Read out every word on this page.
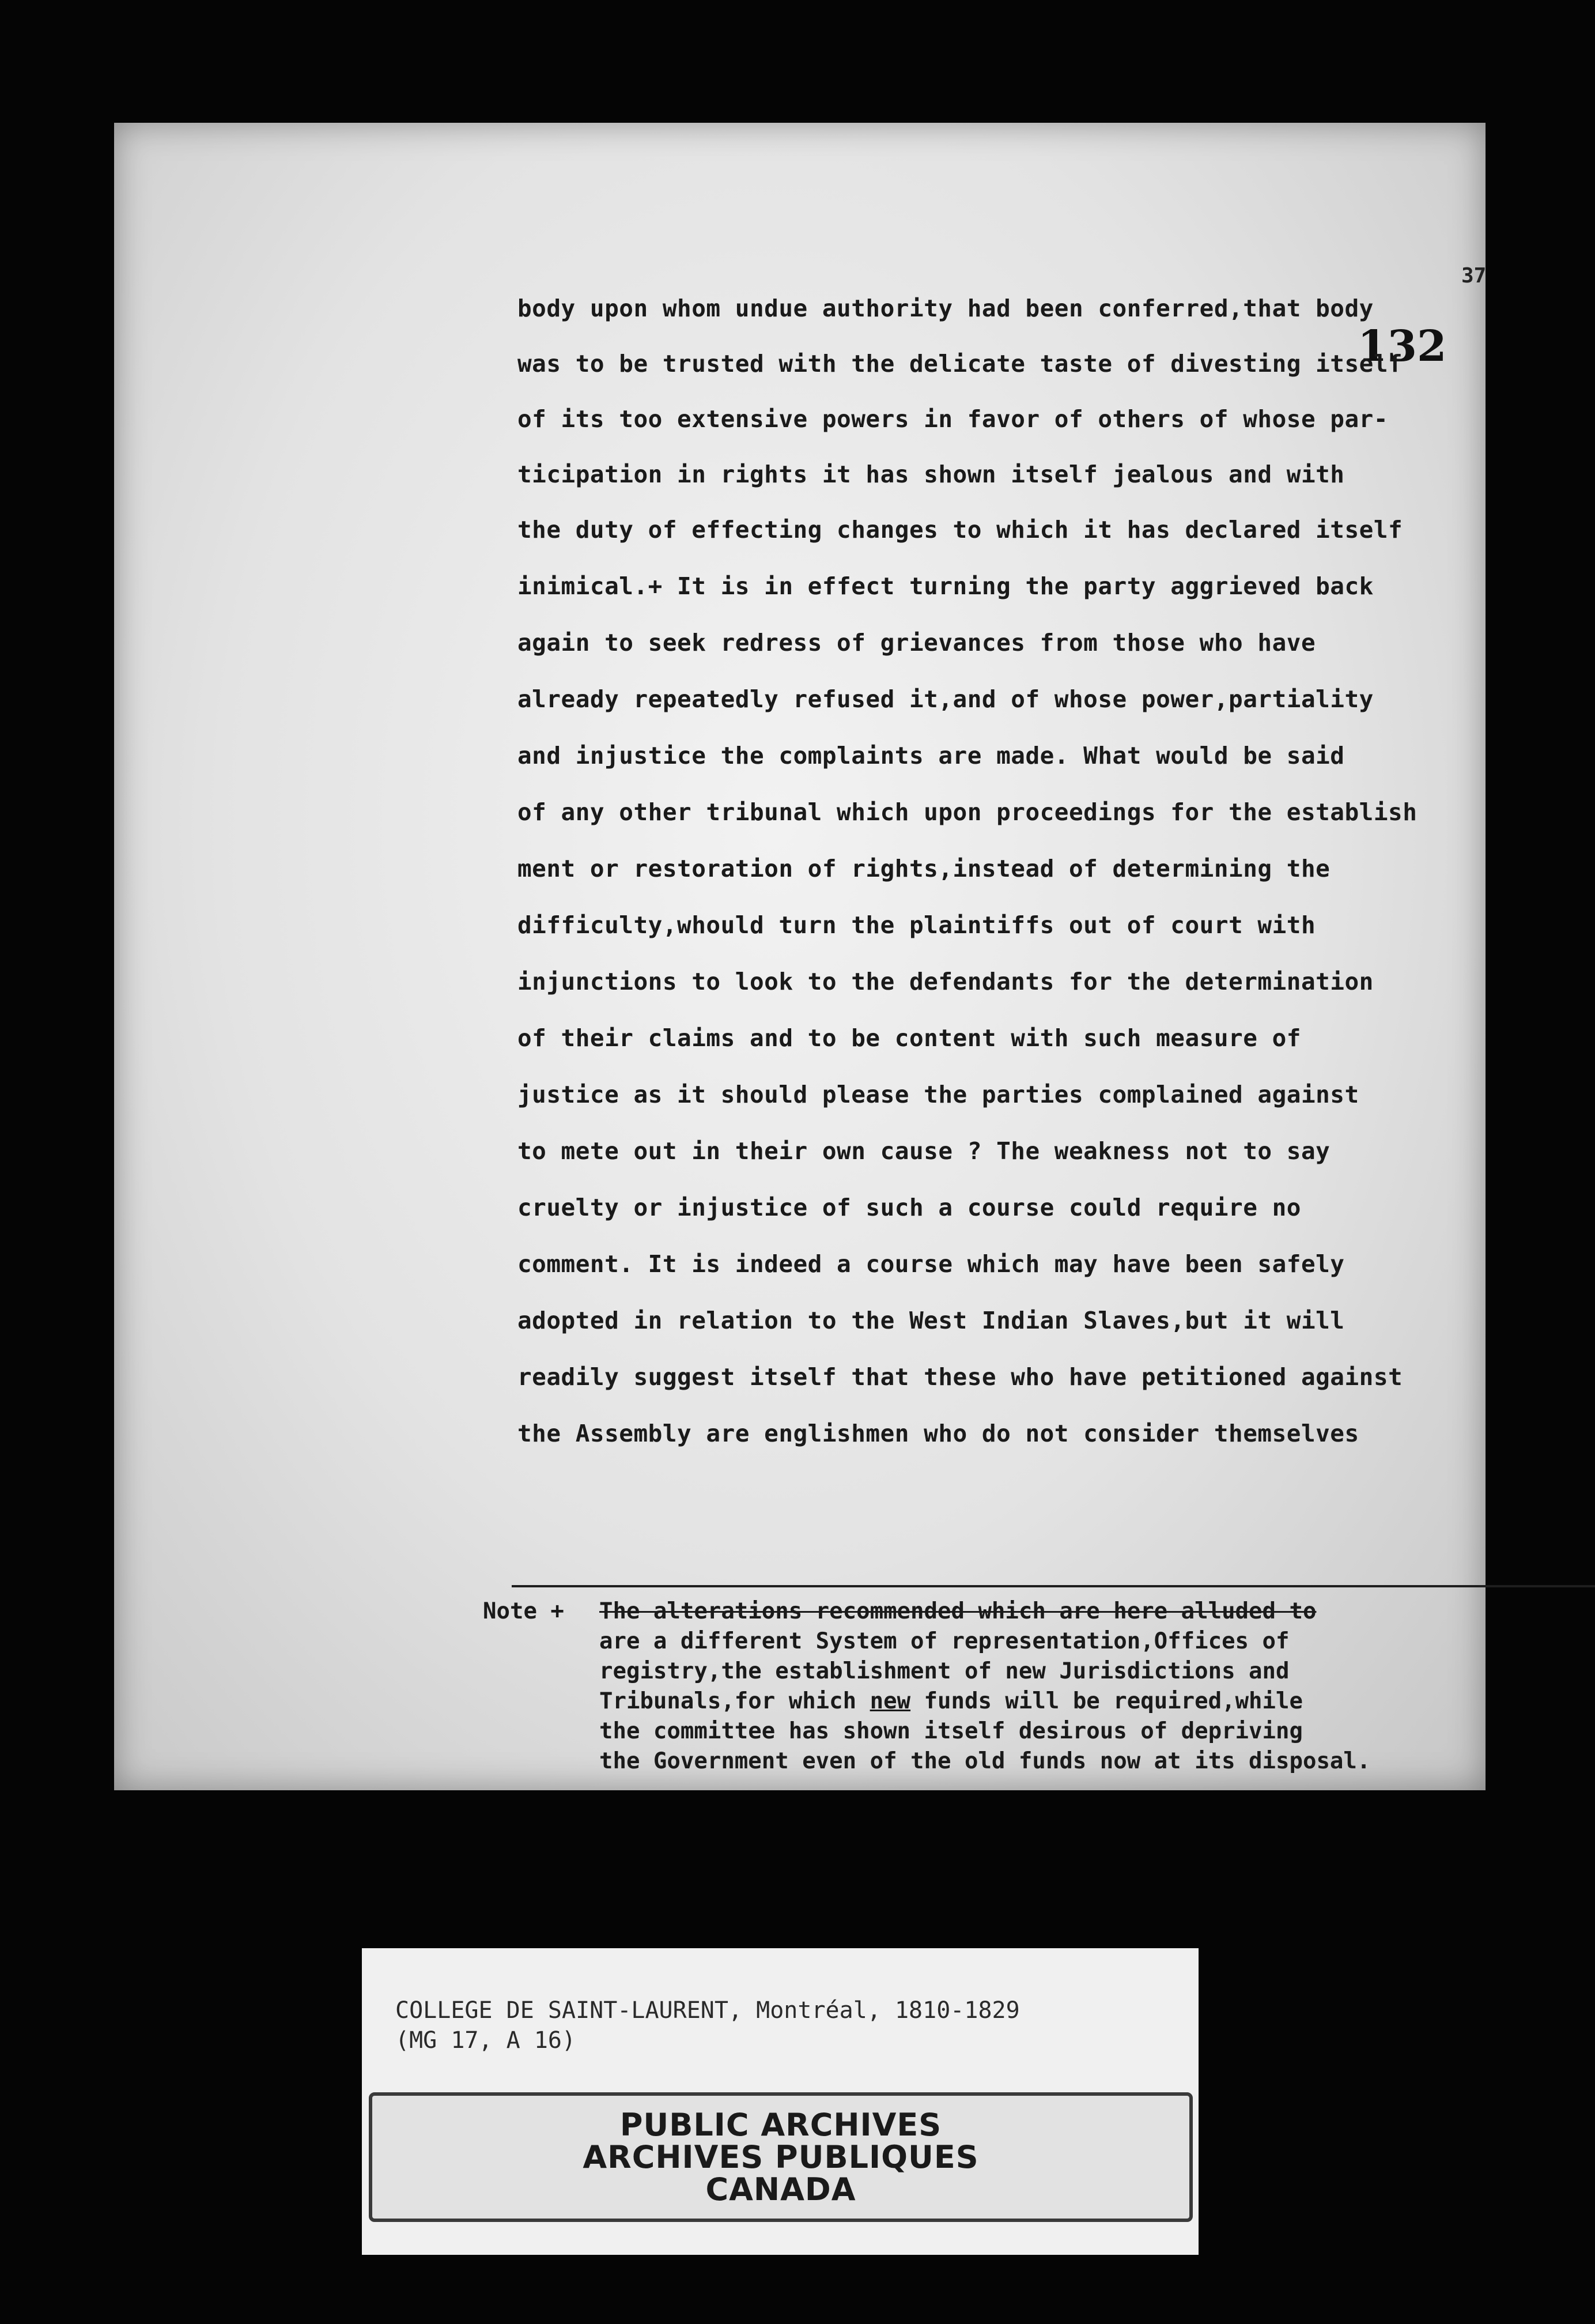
37
132
body upon whom undue authority had been conferred,that body
was to be trusted with the delicate taste of divesting itself
of its too extensive powers in favor of others of whose par-
ticipation in rights it has shown itself jealous and with
the duty of effecting changes to which it has declared itself
inimical.+ It is in effect turning the party aggrieved back
again to seek redress of grievances from those who have
already repeatedly refused it,and of whose power,partiality
and injustice the complaints are made. What would be said
of any other tribunal which upon proceedings for the establish
ment or restoration of rights,instead of determining the
difficulty,whould turn the plaintiffs out of court with
injunctions to look to the defendants for the determination
of their claims and to be content with such measure of
justice as it should please the parties complained against
to mete out in their own cause ? The weakness not to say
cruelty or injustice of such a course could require no
comment. It is indeed a course which may have been safely
adopted in relation to the West Indian Slaves,but it will
readily suggest itself that these who have petitioned against
the Assembly are englishmen who do not consider themselves
Note + The alterations recommended which are here alluded to
are a different System of representation,Offices of
registry,the establishment of new Jurisdictions and
Tribunals,for which new funds will be required,while
the committee has shown itself desirous of depriving
the Government even of the old funds now at its disposal.
COLLEGE DE SAINT-LAURENT, Montréal, 1810-1829
(MG 17, A 16)
PUBLIC ARCHIVES
ARCHIVES PUBLIQUES
CANADA
